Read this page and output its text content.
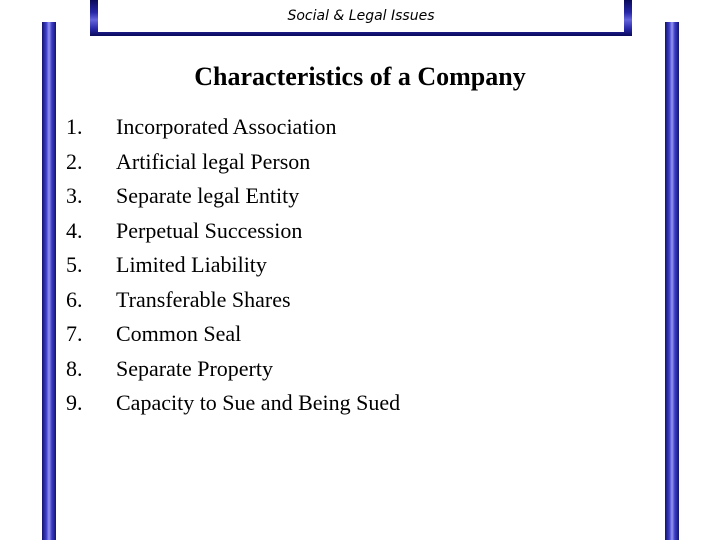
Social & Legal Issues
Characteristics of a Company
1.	Incorporated Association
2.	Artificial legal Person
3.	Separate legal Entity
4.	Perpetual Succession
5.	Limited Liability
6.	Transferable Shares
7.	Common Seal
8.	Separate Property
9.	Capacity to Sue and Being Sued
